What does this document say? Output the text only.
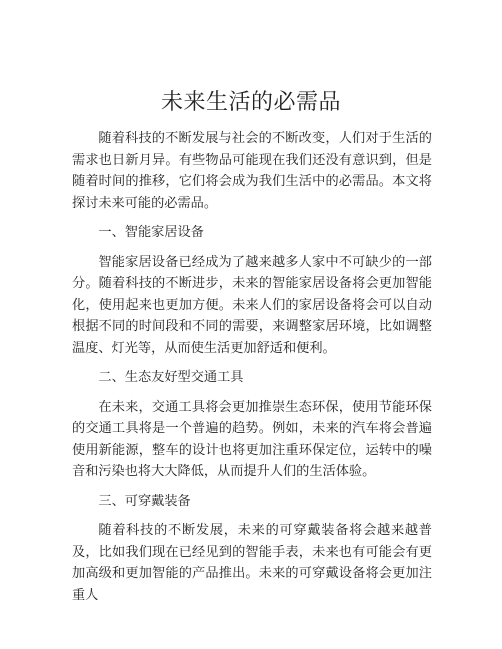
未来生活的必需品

随着科技的不断发展与社会的不断改变，人们对于生活的需求也日新月异。有些物品可能现在我们还没有意识到，但是随着时间的推移，它们将会成为我们生活中的必需品。本文将探讨未来可能的必需品。

一、智能家居设备

智能家居设备已经成为了越来越多人家中不可缺少的一部分。随着科技的不断进步，未来的智能家居设备将会更加智能化，使用起来也更加方便。未来人们的家居设备将会可以自动根据不同的时间段和不同的需要，来调整家居环境，比如调整温度、灯光等，从而使生活更加舒适和便利。

二、生态友好型交通工具

在未来，交通工具将会更加推崇生态环保，使用节能环保的交通工具将是一个普遍的趋势。例如，未来的汽车将会普遍使用新能源，整车的设计也将更加注重环保定位，运转中的噪音和污染也将大大降低，从而提升人们的生活体验。

三、可穿戴装备

随着科技的不断发展，未来的可穿戴装备将会越来越普及，比如我们现在已经见到的智能手表，未来也有可能会有更加高级和更加智能的产品推出。未来的可穿戴设备将会更加注重人
